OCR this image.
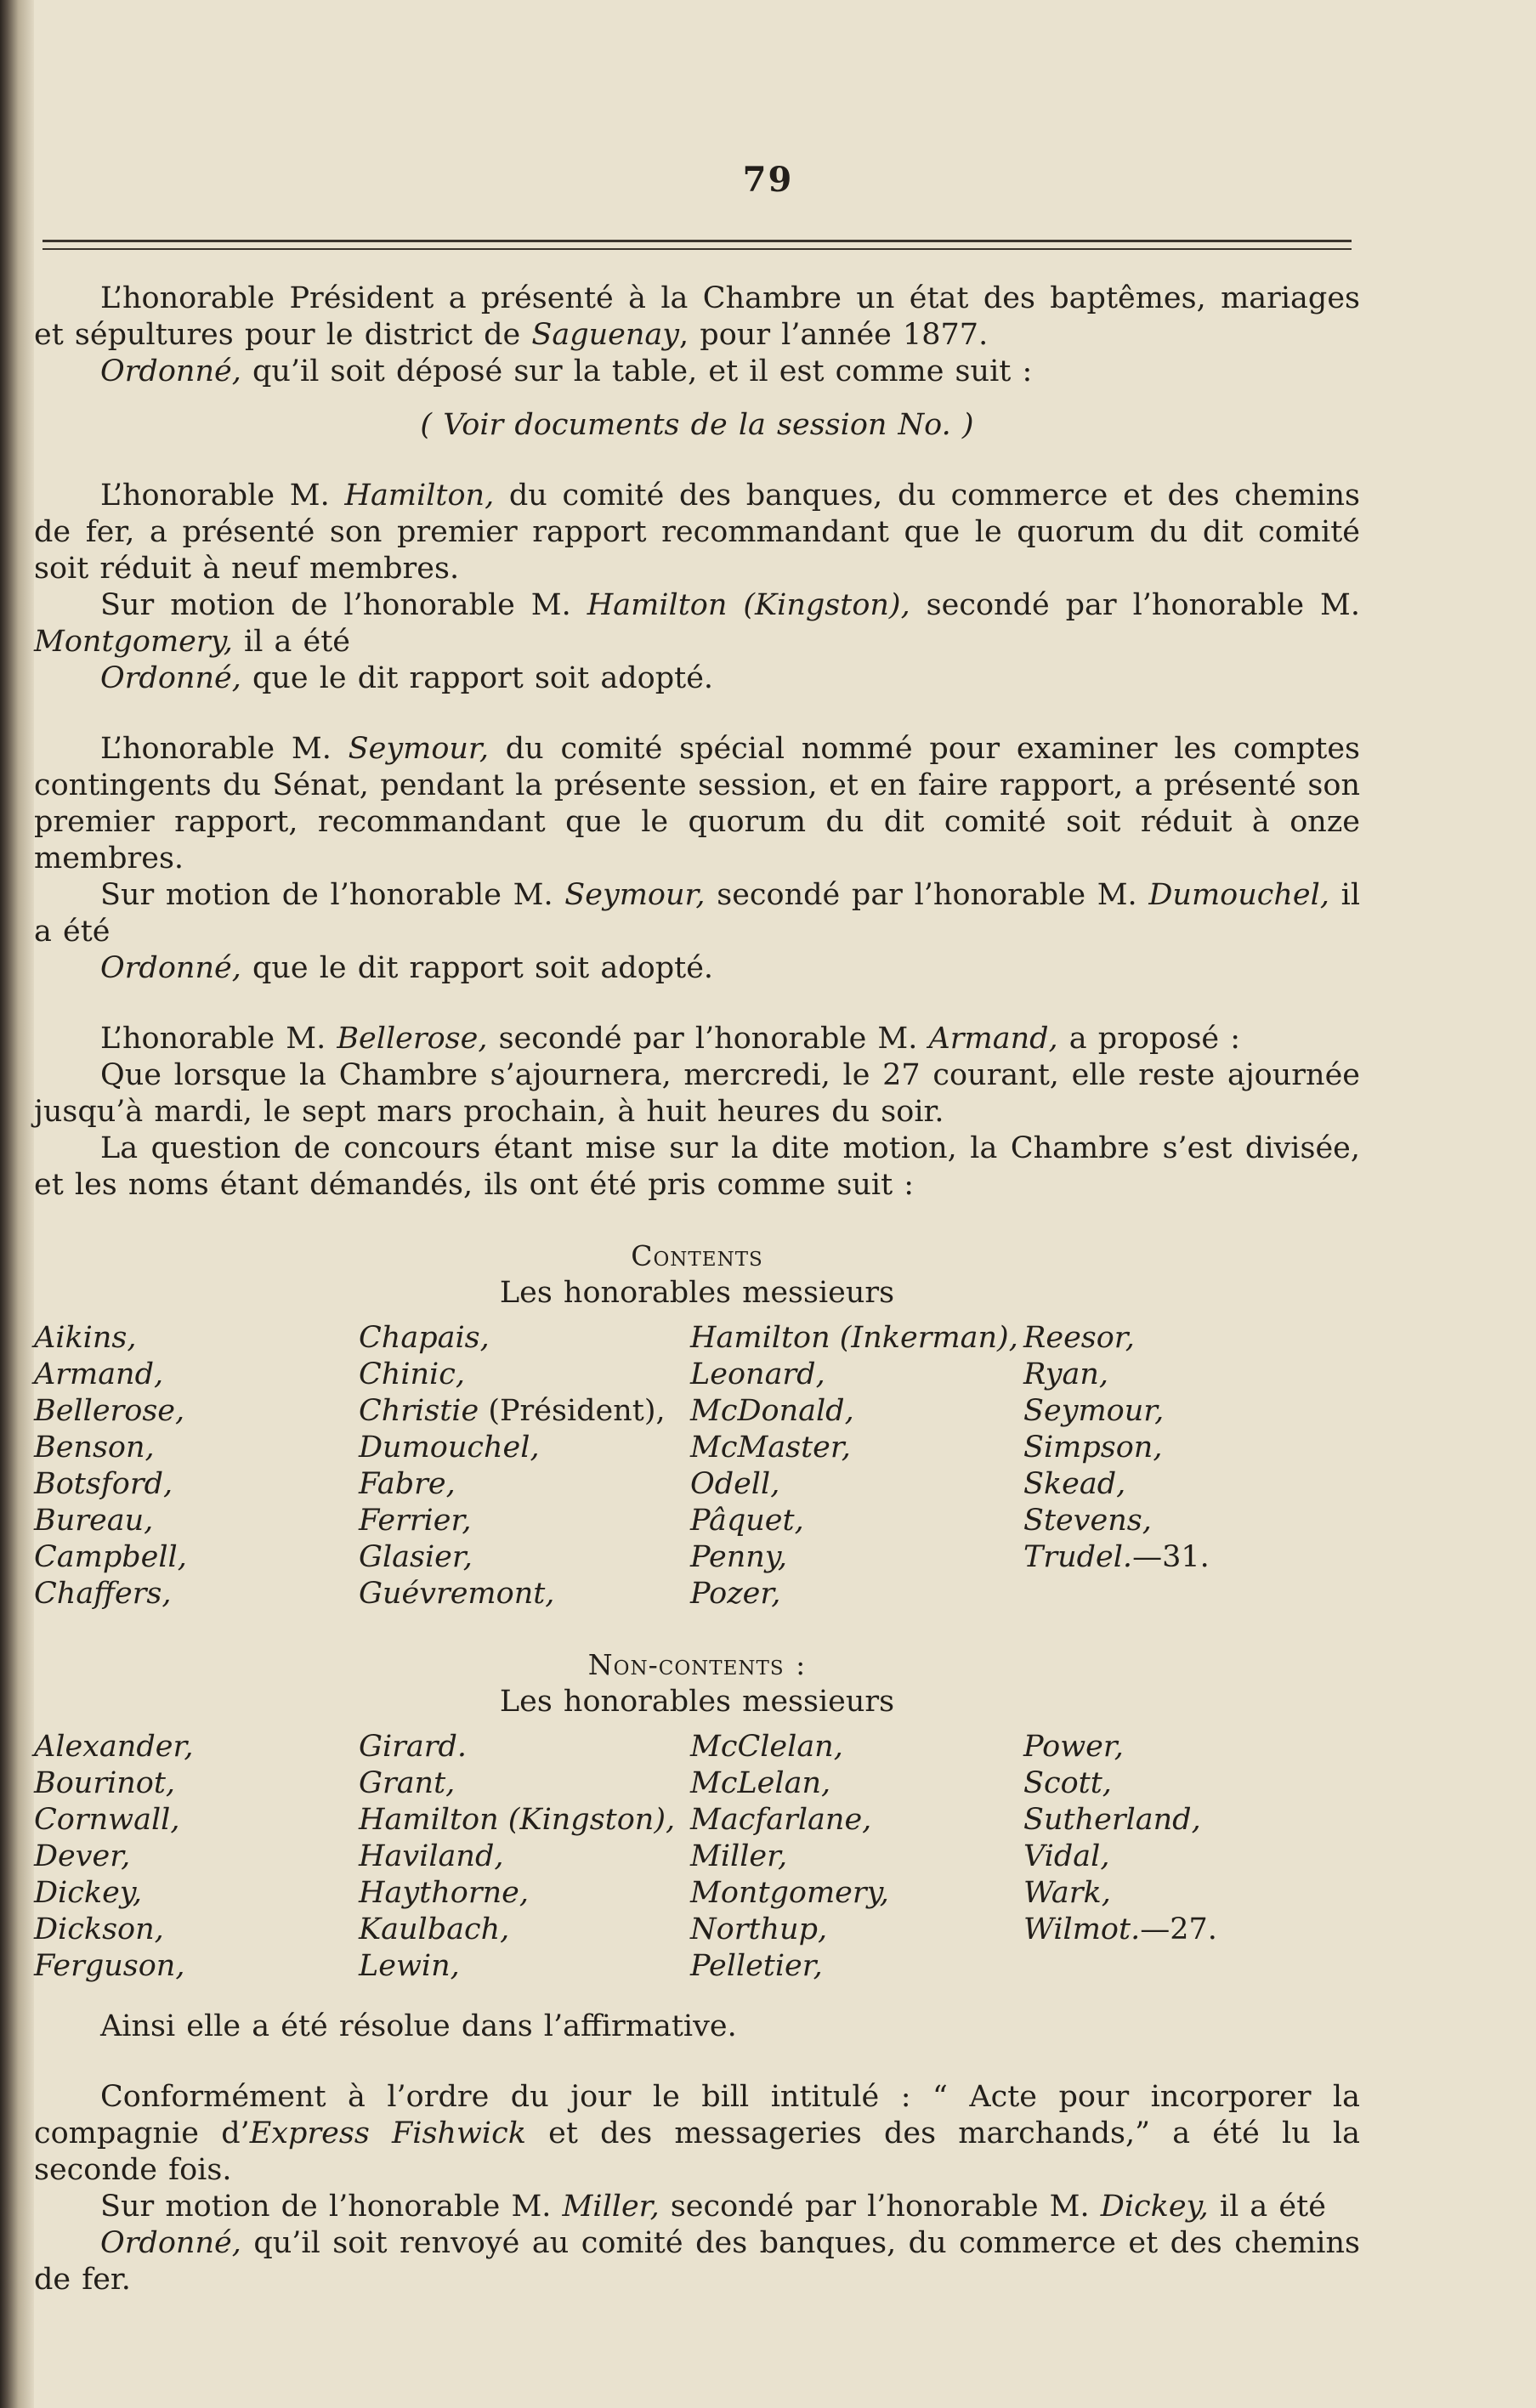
79

L’honorable Président a présenté à la Chambre un état des baptêmes, mariages et sépultures pour le district de Saguenay, pour l’année 1877.

Ordonné, qu’il soit déposé sur la table, et il est comme suit :

( Voir documents de la session No. )

L’honorable M. Hamilton, du comité des banques, du commerce et des chemins de fer, a présenté son premier rapport recommandant que le quorum du dit comité soit réduit à neuf membres.

Sur motion de l’honorable M. Hamilton (Kingston), secondé par l’honorable M. Montgomery, il a été

Ordonné, que le dit rapport soit adopté.

L’honorable M. Seymour, du comité spécial nommé pour examiner les comptes contingents du Sénat, pendant la présente session, et en faire rapport, a présenté son premier rapport, recommandant que le quorum du dit comité soit réduit à onze membres.

Sur motion de l’honorable M. Seymour, secondé par l’honorable M. Dumouchel, il a été

Ordonné, que le dit rapport soit adopté.

L’honorable M. Bellerose, secondé par l’honorable M. Armand, a proposé :

Que lorsque la Chambre s’ajournera, mercredi, le 27 courant, elle reste ajournée jusqu’à mardi, le sept mars prochain, à huit heures du soir.

La question de concours étant mise sur la dite motion, la Chambre s’est divisée, et les noms étant démandés, ils ont été pris comme suit :

Contents

Les honorables messieurs

Aikins,
Armand,
Bellerose,
Benson,
Botsford,
Bureau,
Campbell,
Chaffers,
Chapais,
Chinic,
Christie (Président),
Dumouchel,
Fabre,
Ferrier,
Glasier,
Guévremont,
Hamilton (Inkerman),
Leonard,
McDonald,
McMaster,
Odell,
Pâquet,
Penny,
Pozer,
Reesor,
Ryan,
Seymour,
Simpson,
Skead,
Stevens,
Trudel.—31.

Non-contents :

Les honorables messieurs

Alexander,
Bourinot,
Cornwall,
Dever,
Dickey,
Dickson,
Ferguson,
Girard.
Grant,
Hamilton (Kingston),
Haviland,
Haythorne,
Kaulbach,
Lewin,
McClelan,
McLelan,
Macfarlane,
Miller,
Montgomery,
Northup,
Pelletier,
Power,
Scott,
Sutherland,
Vidal,
Wark,
Wilmot.—27.

Ainsi elle a été résolue dans l’affirmative.

Conformément à l’ordre du jour le bill intitulé : “ Acte pour incorporer la compagnie d’Express Fishwick et des messageries des marchands,” a été lu la seconde fois.

Sur motion de l’honorable M. Miller, secondé par l’honorable M. Dickey, il a été

Ordonné, qu’il soit renvoyé au comité des banques, du commerce et des chemins de fer.
